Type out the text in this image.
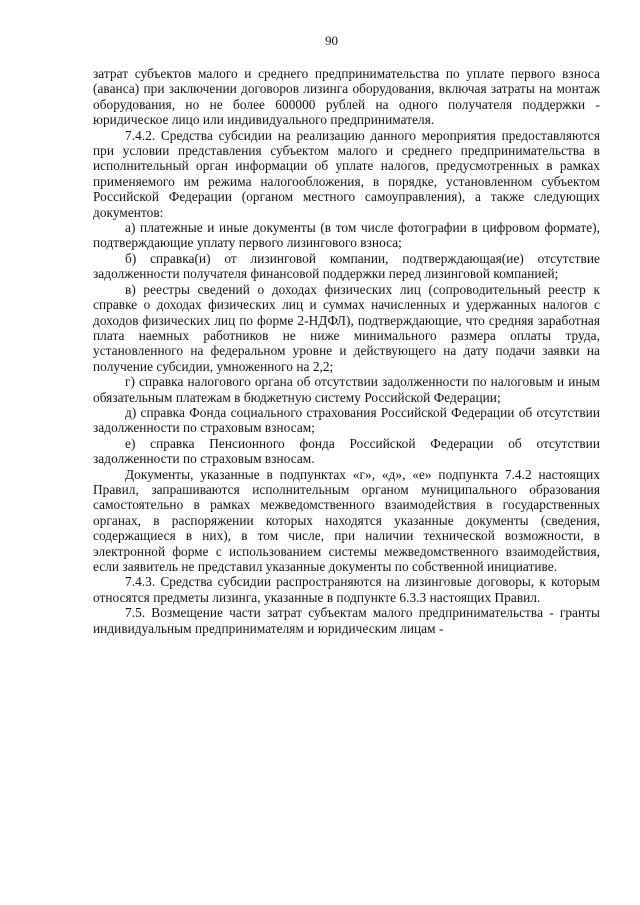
90

затрат субъектов малого и среднего предпринимательства по уплате первого взноса (аванса) при заключении договоров лизинга оборудования, включая затраты на монтаж оборудования, но не более 600000 рублей на одного получателя поддержки - юридическое лицо или индивидуального предпринимателя.

7.4.2. Средства субсидии на реализацию данного мероприятия предоставляются при условии представления субъектом малого и среднего предпринимательства в исполнительный орган информации об уплате налогов, предусмотренных в рамках применяемого им режима налогообложения, в порядке, установленном субъектом Российской Федерации (органом местного самоуправления), а также следующих документов:

а) платежные и иные документы (в том числе фотографии в цифровом формате), подтверждающие уплату первого лизингового взноса;

б) справка(и) от лизинговой компании, подтверждающая(ие) отсутствие задолженности получателя финансовой поддержки перед лизинговой компанией;

в) реестры сведений о доходах физических лиц (сопроводительный реестр к справке о доходах физических лиц и суммах начисленных и удержанных налогов с доходов физических лиц по форме 2-НДФЛ), подтверждающие, что средняя заработная плата наемных работников не ниже минимального размера оплаты труда, установленного на федеральном уровне и действующего на дату подачи заявки на получение субсидии, умноженного на 2,2;

г) справка налогового органа об отсутствии задолженности по налоговым и иным обязательным платежам в бюджетную систему Российской Федерации;

д) справка Фонда социального страхования Российской Федерации об отсутствии задолженности по страховым взносам;

е) справка Пенсионного фонда Российской Федерации об отсутствии задолженности по страховым взносам.

Документы, указанные в подпунктах «г», «д», «е» подпункта 7.4.2 настоящих Правил, запрашиваются исполнительным органом муниципального образования самостоятельно в рамках межведомственного взаимодействия в государственных органах, в распоряжении которых находятся указанные документы (сведения, содержащиеся в них), в том числе, при наличии технической возможности, в электронной форме с использованием системы межведомственного взаимодействия, если заявитель не представил указанные документы по собственной инициативе.

7.4.3. Средства субсидии распространяются на лизинговые договоры, к которым относятся предметы лизинга, указанные в подпункте 6.3.3 настоящих Правил.

7.5. Возмещение части затрат субъектам малого предпринимательства - гранты индивидуальным предпринимателям и юридическим лицам -
